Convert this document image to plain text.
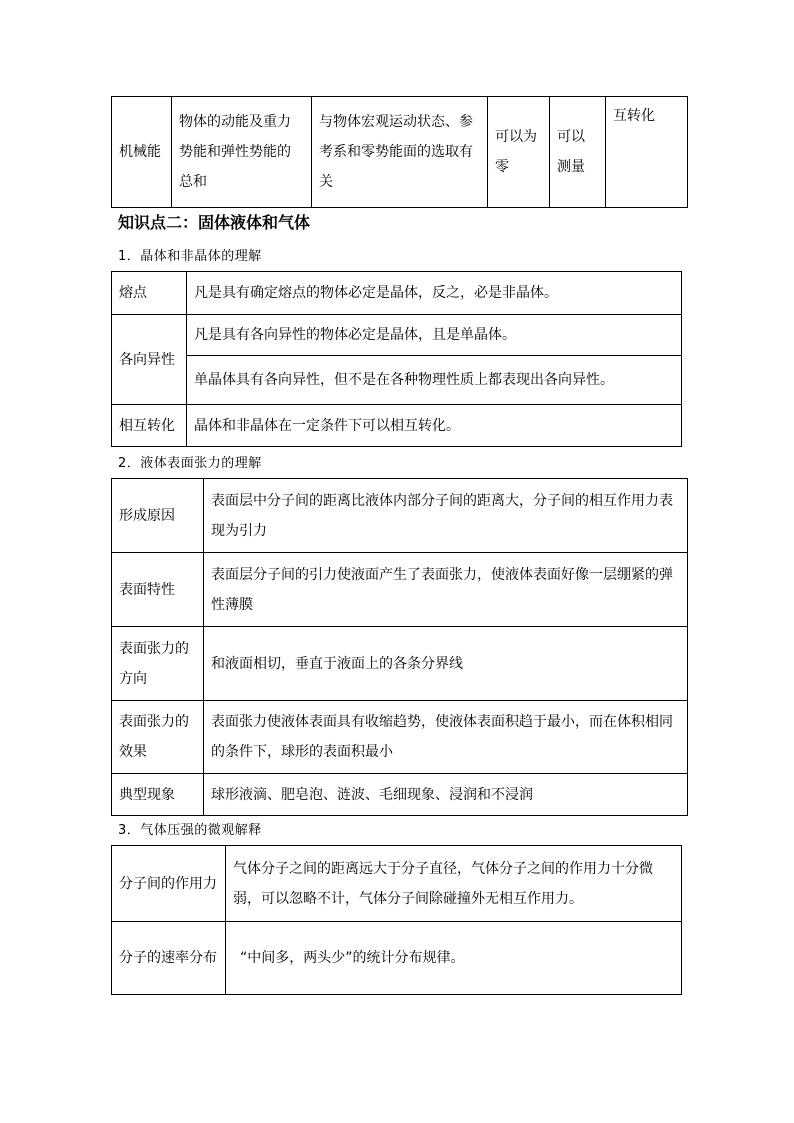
机械能	物体的动能及重力势能和弹性势能的总和	与物体宏观运动状态、参考系和零势能面的选取有关	可以为零	可以测量	互转化
知识点二：固体液体和气体
1．晶体和非晶体的理解
熔点	凡是具有确定熔点的物体必定是晶体，反之，必是非晶体。
各向异性	凡是具有各向异性的物体必定是晶体，且是单晶体。
	单晶体具有各向异性，但不是在各种物理性质上都表现出各向异性。
相互转化	晶体和非晶体在一定条件下可以相互转化。
2．液体表面张力的理解
形成原因	表面层中分子间的距离比液体内部分子间的距离大，分子间的相互作用力表现为引力
表面特性	表面层分子间的引力使液面产生了表面张力，使液体表面好像一层绷紧的弹性薄膜
表面张力的方向	和液面相切，垂直于液面上的各条分界线
表面张力的效果	表面张力使液体表面具有收缩趋势，使液体表面积趋于最小，而在体积相同的条件下，球形的表面积最小
典型现象	球形液滴、肥皂泡、涟波、毛细现象、浸润和不浸润
3．气体压强的微观解释
分子间的作用力	气体分子之间的距离远大于分子直径，气体分子之间的作用力十分微弱，可以忽略不计，气体分子间除碰撞外无相互作用力。
分子的速率分布	“中间多，两头少”的统计分布规律。
